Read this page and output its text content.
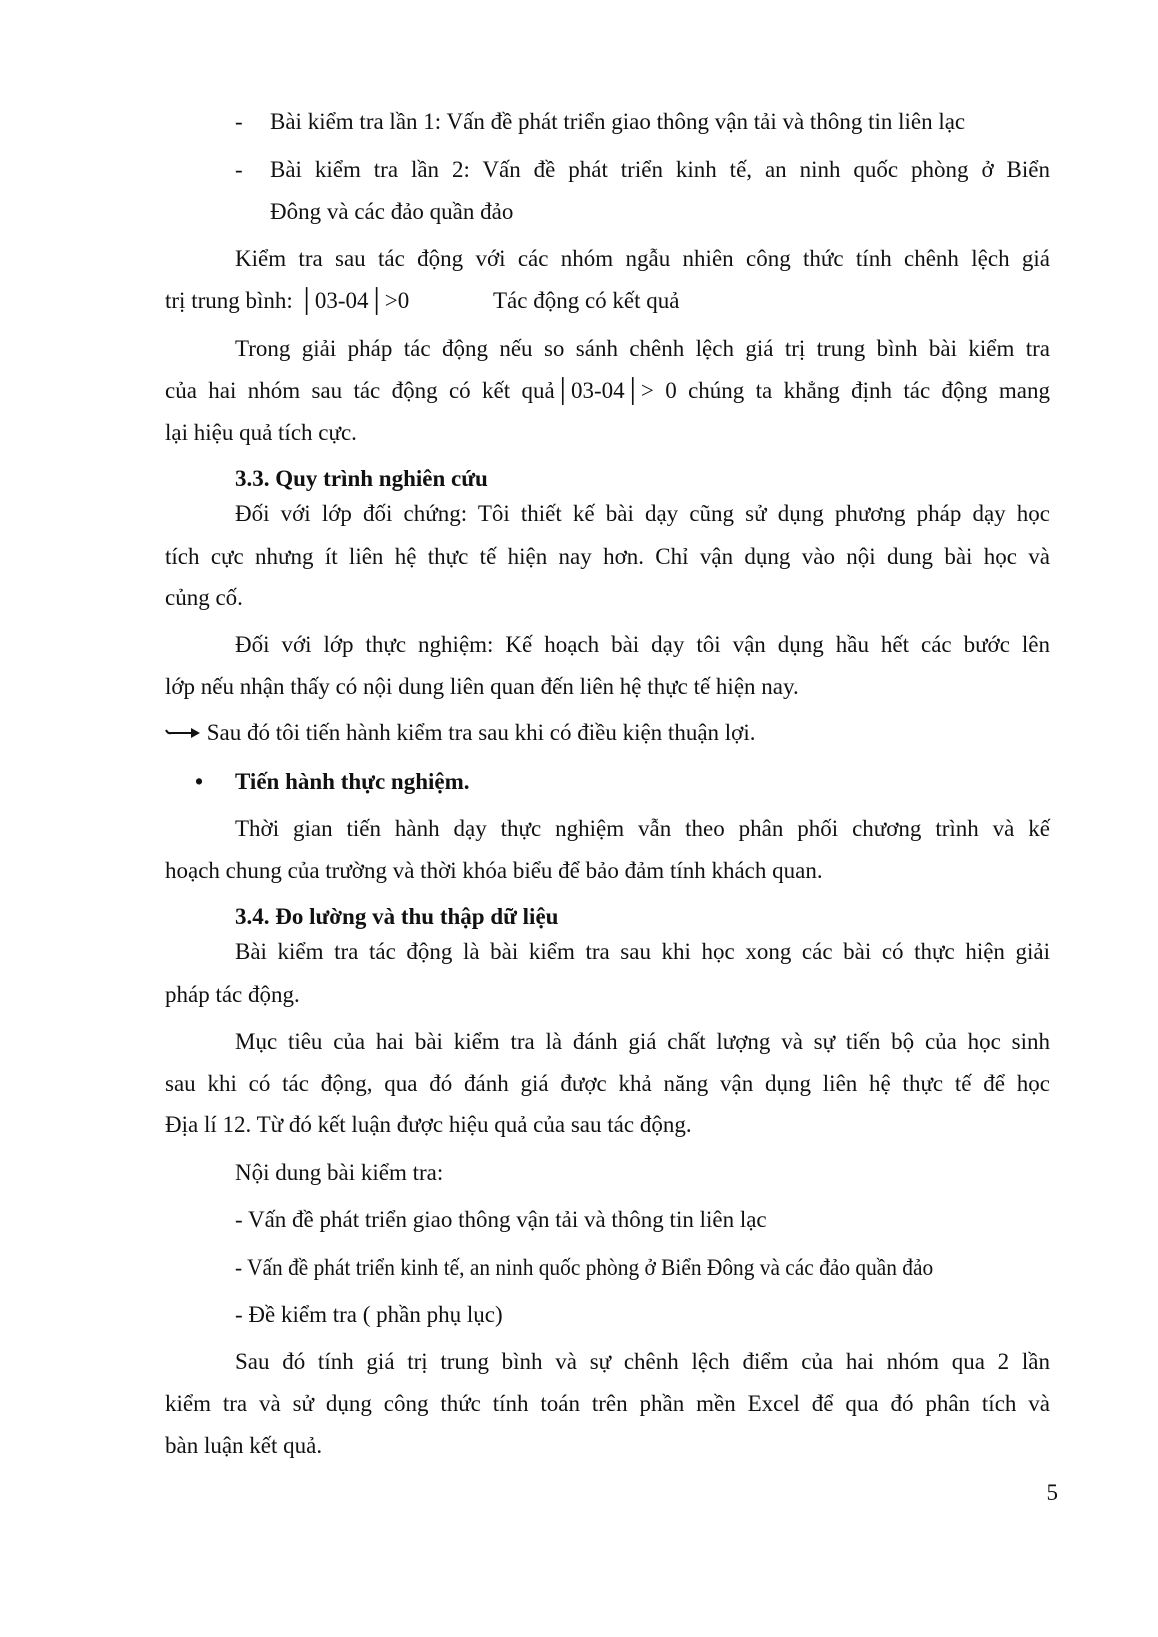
- Bài kiểm tra lần 1: Vấn đề phát triển giao thông vận tải và thông tin liên lạc
- Bài kiểm tra lần 2: Vấn đề phát triển kinh tế, an ninh quốc phòng ở Biển
Đông và các đảo quần đảo
Kiểm tra sau tác động với các nhóm ngẫu nhiên công thức tính chênh lệch giá
trị trung bình: │03-04│>0	Tác động có kết quả
Trong giải pháp tác động nếu so sánh chênh lệch giá trị trung bình bài kiểm tra
của hai nhóm sau tác động có kết quả│03-04│> 0 chúng ta khẳng định tác động mang
lại hiệu quả tích cực.
3.3. Quy trình nghiên cứu
Đối với lớp đối chứng: Tôi thiết kế bài dạy cũng sử dụng phương pháp dạy học
tích cực nhưng ít liên hệ thực tế hiện nay hơn. Chỉ vận dụng vào nội dung bài học và
củng cố.
Đối với lớp thực nghiệm: Kế hoạch bài dạy tôi vận dụng hầu hết các bước lên
lớp nếu nhận thấy có nội dung liên quan đến liên hệ thực tế hiện nay.
Sau đó tôi tiến hành kiểm tra sau khi có điều kiện thuận lợi.
• Tiến hành thực nghiệm.
Thời gian tiến hành dạy thực nghiệm vẫn theo phân phối chương trình và kế
hoạch chung của trường và thời khóa biểu để bảo đảm tính khách quan.
3.4. Đo lường và thu thập dữ liệu
Bài kiểm tra tác động là bài kiểm tra sau khi học xong các bài có thực hiện giải
pháp tác động.
Mục tiêu của hai bài kiểm tra là đánh giá chất lượng và sự tiến bộ của học sinh
sau khi có tác động, qua đó đánh giá được khả năng vận dụng liên hệ thực tế để học
Địa lí 12. Từ đó kết luận được hiệu quả của sau tác động.
Nội dung bài kiểm tra:
- Vấn đề phát triển giao thông vận tải và thông tin liên lạc
- Vấn đề phát triển kinh tế, an ninh quốc phòng ở Biển Đông và các đảo quần đảo
- Đề kiểm tra ( phần phụ lục)
Sau đó tính giá trị trung bình và sự chênh lệch điểm của hai nhóm qua 2 lần
kiểm tra và sử dụng công thức tính toán trên phần mền Excel để qua đó phân tích và
bàn luận kết quả.
5
